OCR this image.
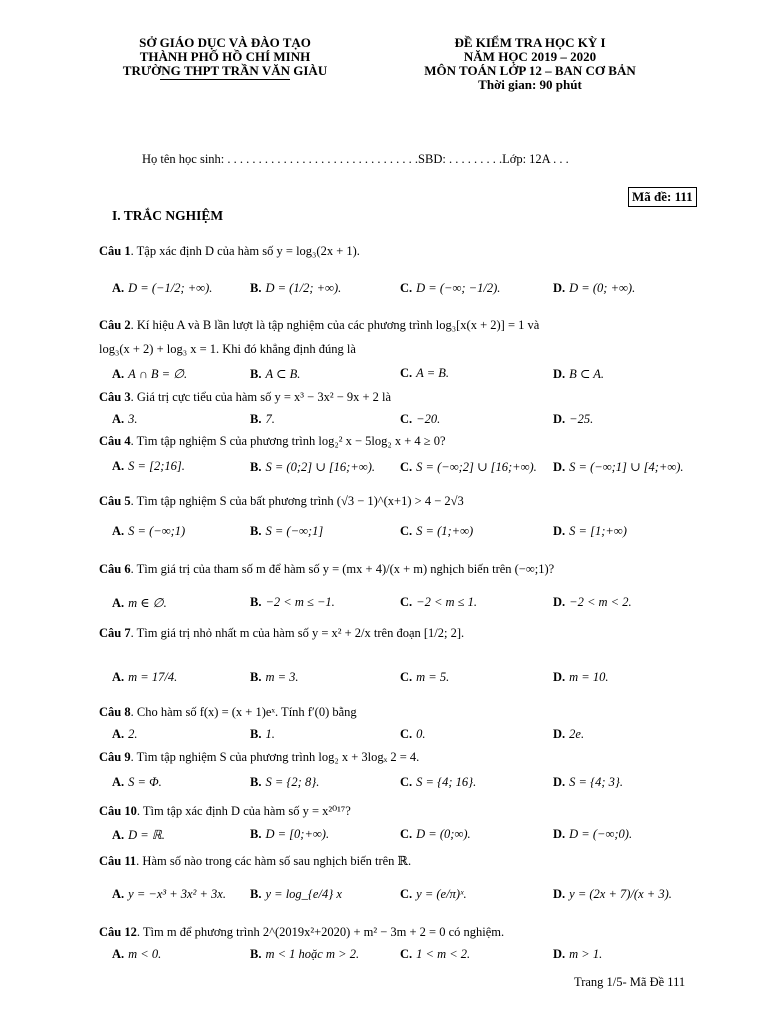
SỞ GIÁO DỤC VÀ ĐÀO TẠO
THÀNH PHỐ HỒ CHÍ MINH
TRƯỜNG THPT TRẦN VĂN GIÀU
ĐỀ KIỂM TRA HỌC KỲ I
NĂM HỌC 2019 – 2020
MÔN TOÁN LỚP 12 – BAN CƠ BẢN
Thời gian: 90 phút
Họ tên học sinh: . . . . . . . . . . . . . . . . . . . . . . . . . . . . . . .SBD: . . . . . . . . .Lớp: 12A . . .
Mã đề: 111
I. TRẮC NGHIỆM
Câu 1. Tập xác định D của hàm số y = log₃(2x + 1).
A. D = (−1/2; +∞).	B. D = (1/2; +∞).	C. D = (−∞; −1/2).	D. D = (0; +∞).
Câu 2. Kí hiệu A và B lần lượt là tập nghiệm của các phương trình log₃[x(x + 2)] = 1 và
log₃(x + 2) + log₃ x = 1. Khi đó khẳng định đúng là
A. A ∩ B = ∅.	B. A ⊂ B.	C. A = B.	D. B ⊂ A.
Câu 3. Giá trị cực tiểu của hàm số y = x³ − 3x² − 9x + 2 là
A. 3.	B. 7.	C. −20.	D. −25.
Câu 4. Tìm tập nghiệm S của phương trình log₂² x − 5log₂ x + 4 ≥ 0?
A. S = [2;16].	B. S = (0;2] ∪ [16;+∞). C. S = (−∞;2] ∪ [16;+∞). D. S = (−∞;1] ∪ [4;+∞).
Câu 5. Tìm tập nghiệm S của bất phương trình (√3 − 1)^(x+1) > 4 − 2√3
A. S = (−∞;1)	B. S = (−∞;1]	C. S = (1;+∞)	D. S = [1;+∞)
Câu 6. Tìm giá trị của tham số m để hàm số y = (mx + 4)/(x + m) nghịch biến trên (−∞;1)?
A. m ∈ ∅.	B. −2 < m ≤ −1.	C. −2 < m ≤ 1.	D. −2 < m < 2.
Câu 7. Tìm giá trị nhỏ nhất m của hàm số y = x² + 2/x trên đoạn [1/2; 2].
A. m = 17/4.	B. m = 3.	C. m = 5.	D. m = 10.
Câu 8. Cho hàm số f(x) = (x + 1)eˣ. Tính f′(0) bằng
A. 2.	B. 1.	C. 0.	D. 2e.
Câu 9. Tìm tập nghiệm S của phương trình log₂ x + 3logₓ 2 = 4.
A. S = Φ.	B. S = {2; 8}.	C. S = {4; 16}.	D. S = {4; 3}.
Câu 10. Tìm tập xác định D của hàm số y = x²⁰¹⁷?
A. D = ℝ.	B. D = [0;+∞).	C. D = (0;∞).	D. D = (−∞;0).
Câu 11. Hàm số nào trong các hàm số sau nghịch biến trên ℝ.
A. y = −x³ + 3x² + 3x. B. y = log_{e/4} x	C. y = (e/π)ˣ.	D. y = (2x + 7)/(x + 3).
Câu 12. Tìm m để phương trình 2^(2019x²+2020) + m² − 3m + 2 = 0 có nghiệm.
A. m < 0.	B. m < 1 hoặc m > 2.	C. 1 < m < 2.	D. m > 1.
Trang 1/5- Mã Đề 111
